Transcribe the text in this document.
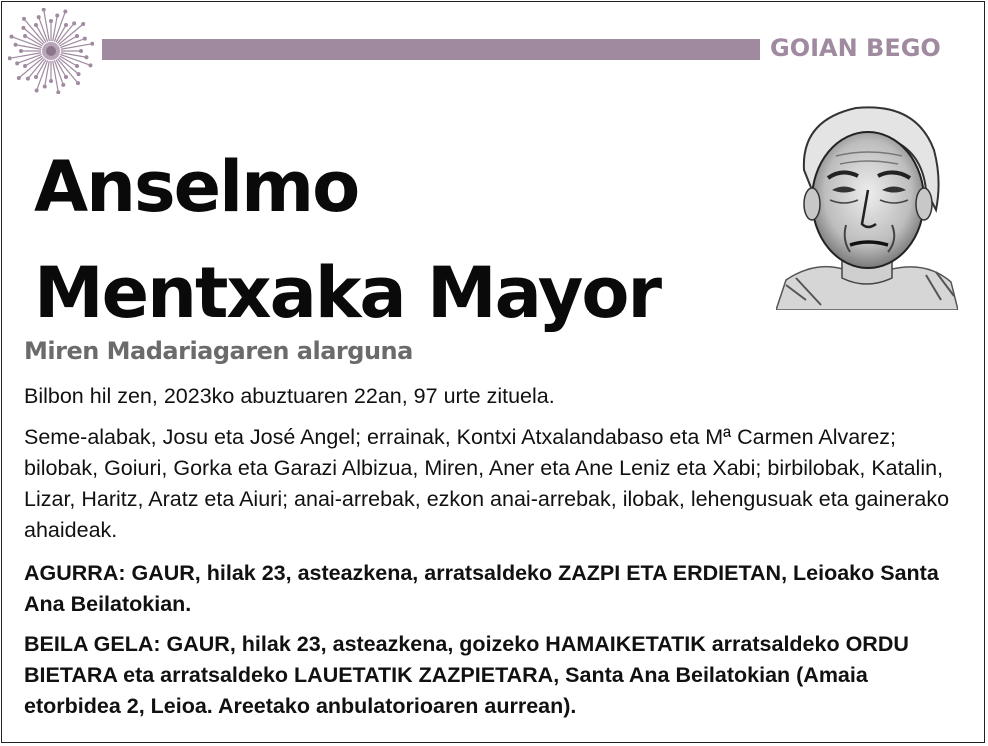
GOIAN BEGO
Anselmo
Mentxaka Mayor
Miren Madariagaren alarguna
Bilbon hil zen, 2023ko abuztuaren 22an, 97 urte zituela.
Seme-alabak, Josu eta José Angel; errainak, Kontxi Atxalandabaso eta Mª Carmen Alvarez; bilobak, Goiuri, Gorka eta Garazi Albizua, Miren, Aner eta Ane Leniz eta Xabi; birbilobak, Katalin, Lizar, Haritz, Aratz eta Aiuri; anai-arrebak, ezkon anai-arrebak, ilobak, lehengusuak eta gainerako ahaideak.
AGURRA: GAUR, hilak 23, asteazkena, arratsaldeko ZAZPI ETA ERDIETAN, Leioako Santa Ana Beilatokian.
BEILA GELA: GAUR, hilak 23, asteazkena, goizeko HAMAIKETATIK arratsaldeko ORDU BIETARA eta arratsaldeko LAUETATIK ZAZPIETARA, Santa Ana Beilatokian (Amaia etorbidea 2, Leioa. Areetako anbulatorioaren aurrean).
